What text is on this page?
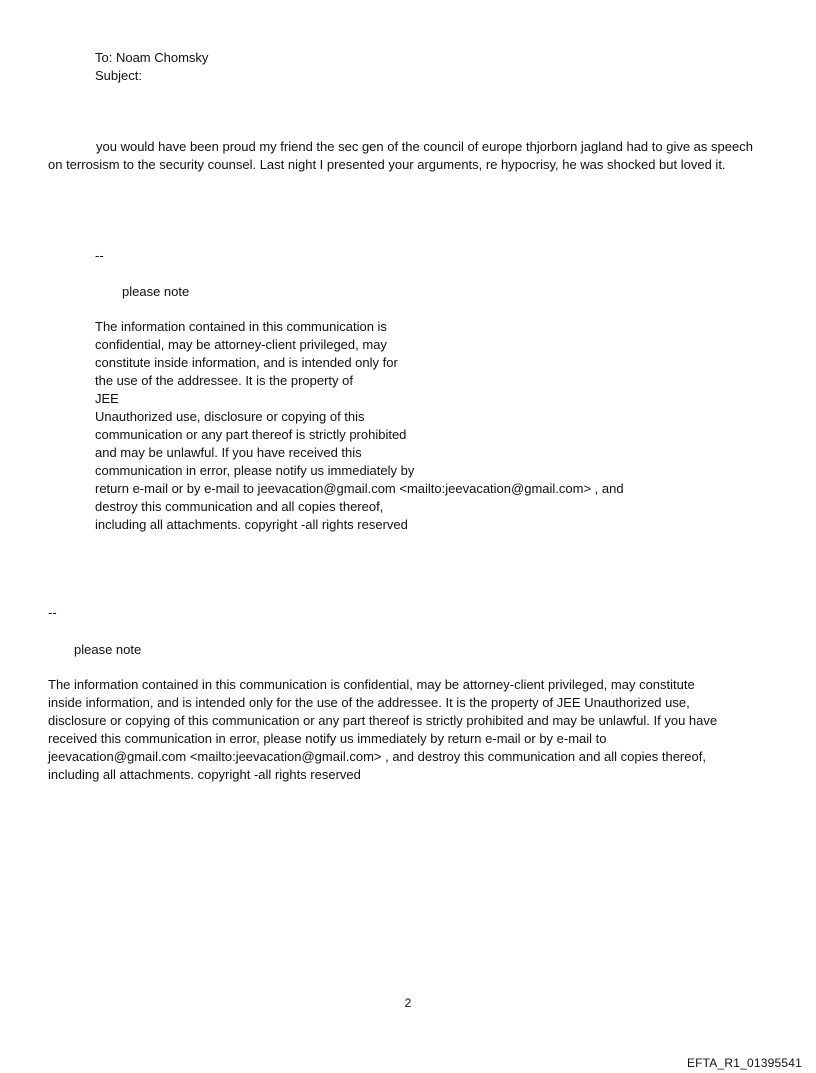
To: Noam Chomsky
Subject:
you would have been proud my friend the sec gen of the council of europe thjorborn jagland had to give as speech on terrosism to the security counsel. Last night I presented your arguments, re hypocrisy, he was shocked but loved it.
--
please note
The information contained in this communication is
confidential, may be attorney-client privileged, may
constitute inside information, and is intended only for
the use of the addressee. It is the property of
JEE
Unauthorized use, disclosure or copying of this
communication or any part thereof is strictly prohibited
and may be unlawful. If you have received this
communication in error, please notify us immediately by
return e-mail or by e-mail to jeevacation@gmail.com <mailto:jeevacation@gmail.com> , and
destroy this communication and all copies thereof,
including all attachments. copyright -all rights reserved
--
please note
The information contained in this communication is confidential, may be attorney-client privileged, may constitute
inside information, and is intended only for the use of the addressee. It is the property of JEE Unauthorized use,
disclosure or copying of this communication or any part thereof is strictly prohibited and may be unlawful. If you have
received this communication in error, please notify us immediately by return e-mail or by e-mail to
jeevacation@gmail.com <mailto:jeevacation@gmail.com> , and destroy this communication and all copies thereof,
including all attachments. copyright -all rights reserved
2
EFTA_R1_01395541
